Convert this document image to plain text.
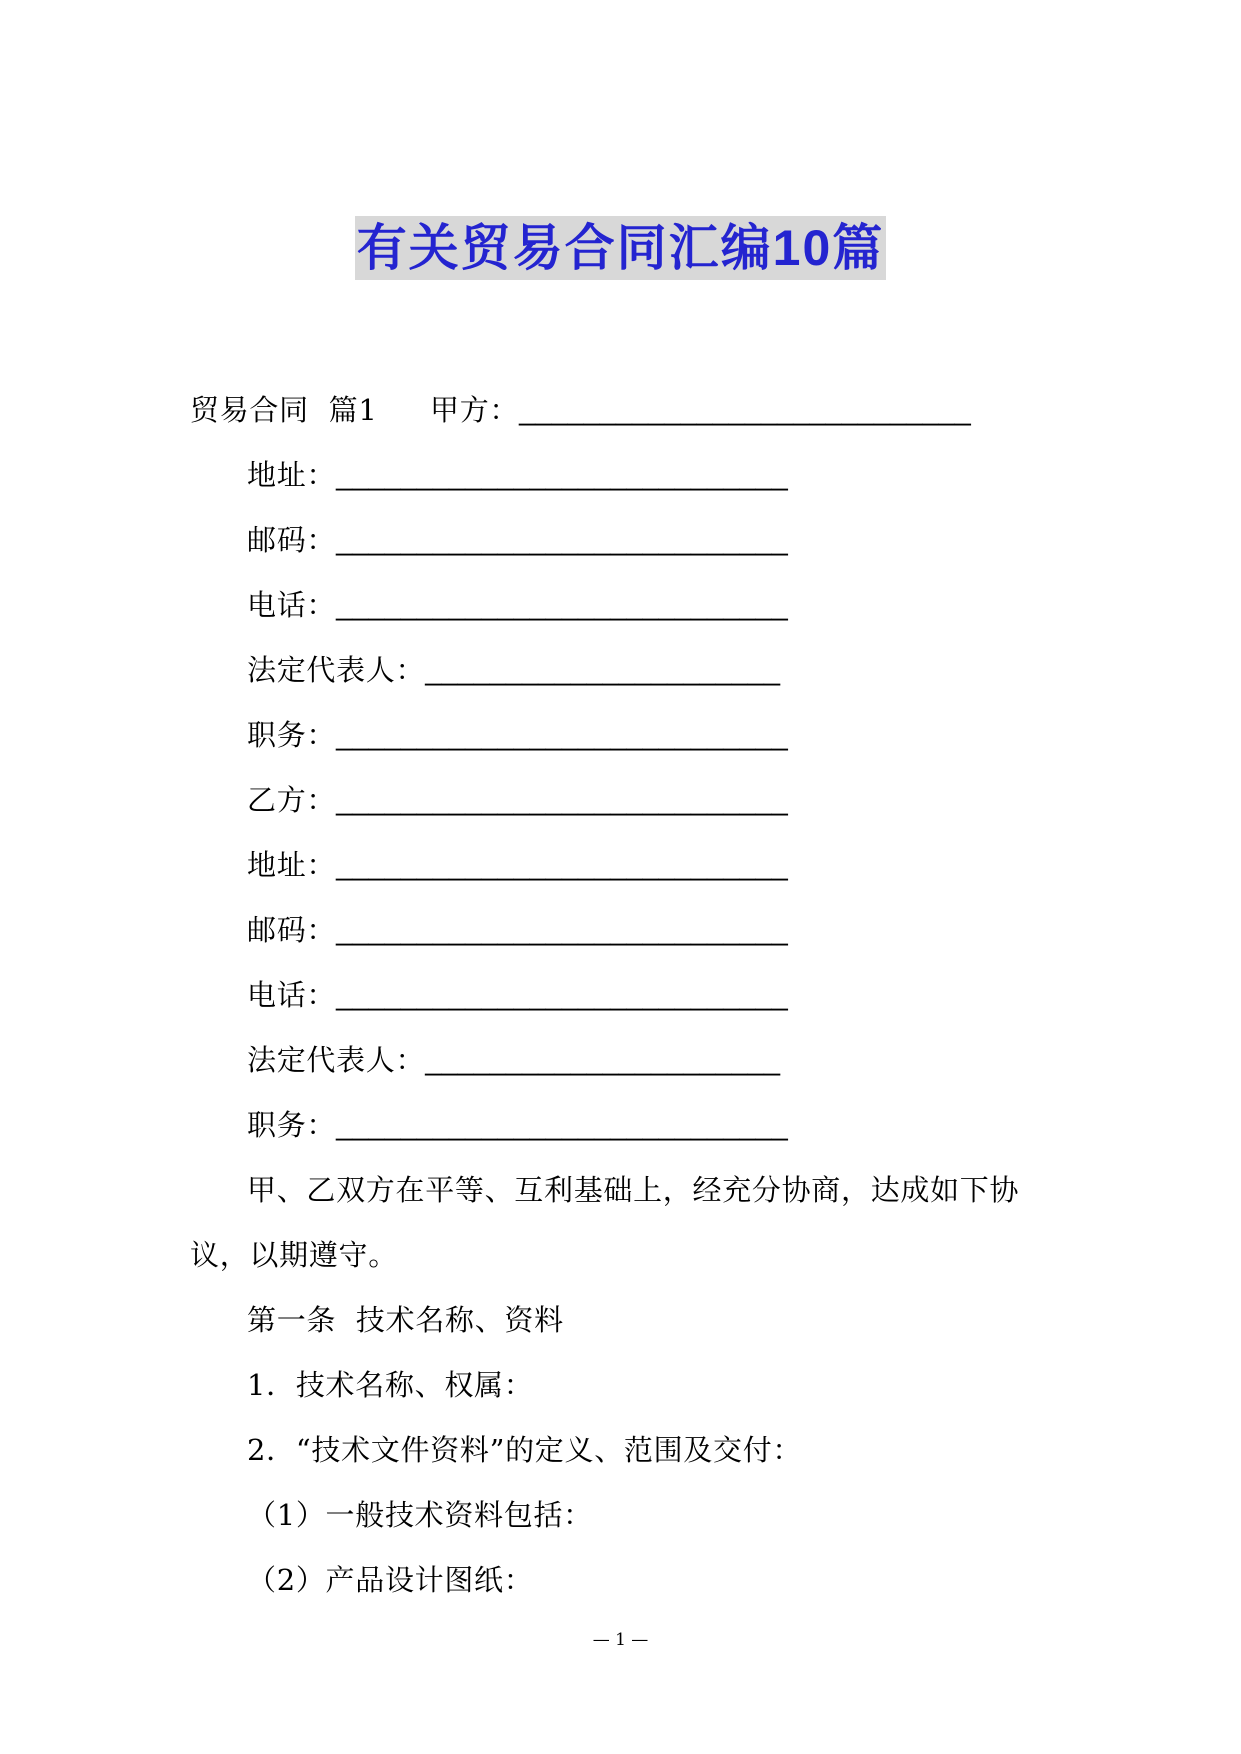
有关贸易合同汇编10篇
贸易合同  篇1	甲方： ____________________________
地址： ____________________________
邮码： ____________________________
电话： ____________________________
法定代表人： ______________________
职务： ____________________________
乙方： ____________________________
地址： ____________________________
邮码： ____________________________
电话： ____________________________
法定代表人： ______________________
职务： ____________________________
甲、乙双方在平等、互利基础上，经充分协商，达成如下协议，以期遵守。
第一条  技术名称、资料
1．技术名称、权属：
2．“技术文件资料”的定义、范围及交付：
（1）一般技术资料包括：
（2）产品设计图纸：
— 1 —
